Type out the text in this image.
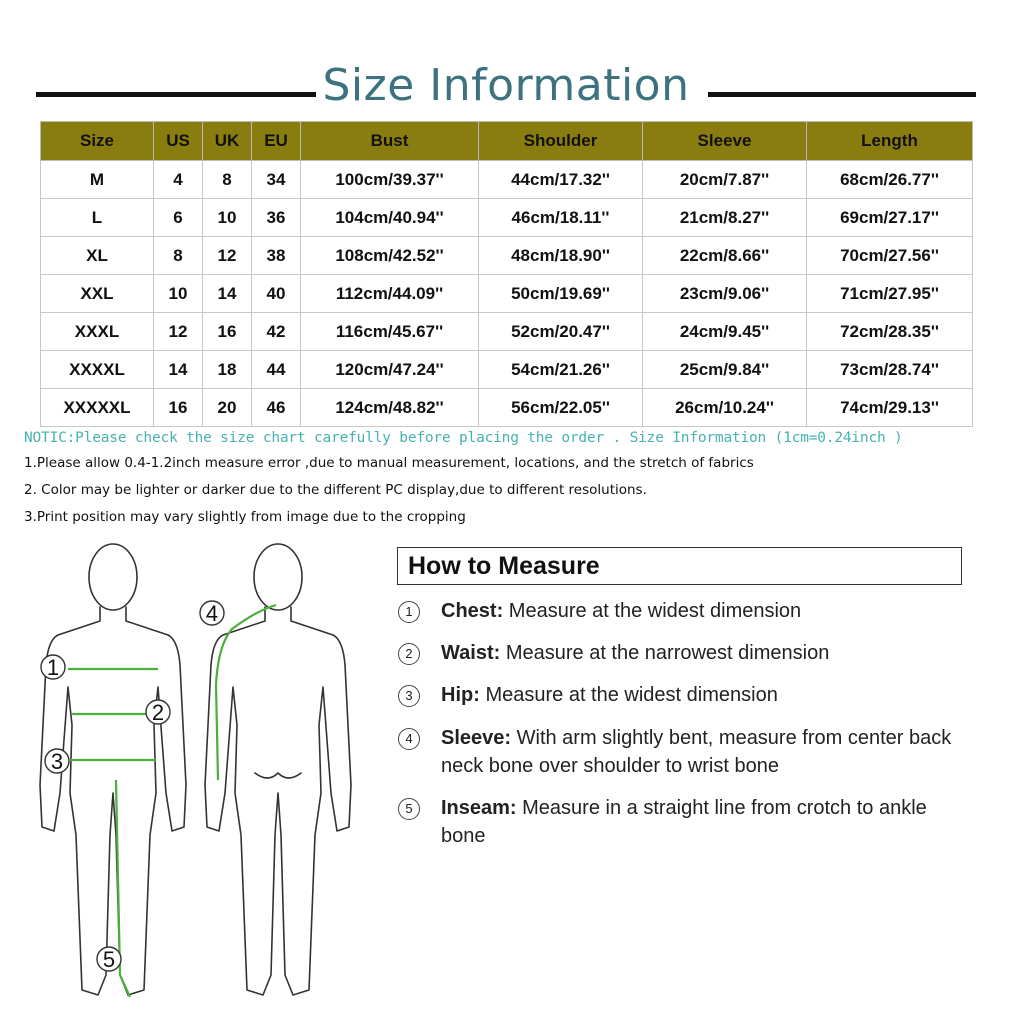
Size Information
Size	US	UK	EU	Bust	Shoulder	Sleeve	Length
M	4	8	34	100cm/39.37''	44cm/17.32''	20cm/7.87''	68cm/26.77''
L	6	10	36	104cm/40.94''	46cm/18.11''	21cm/8.27''	69cm/27.17''
XL	8	12	38	108cm/42.52''	48cm/18.90''	22cm/8.66''	70cm/27.56''
XXL	10	14	40	112cm/44.09''	50cm/19.69''	23cm/9.06''	71cm/27.95''
XXXL	12	16	42	116cm/45.67''	52cm/20.47''	24cm/9.45''	72cm/28.35''
XXXXL	14	18	44	120cm/47.24''	54cm/21.26''	25cm/9.84''	73cm/28.74''
XXXXXL	16	20	46	124cm/48.82''	56cm/22.05''	26cm/10.24''	74cm/29.13''
NOTIC:Please check the size chart carefully before placing the order . Size Information (1cm=0.24inch )
1.Please allow 0.4-1.2inch measure error ,due to manual measurement, locations, and the stretch of fabrics
2. Color may be lighter or darker due to the different PC display,due to different resolutions.
3.Print position may vary slightly from image due to the cropping
1
2
3
4
5
How to Measure
1	Chest: Measure at the widest dimension
2	Waist: Measure at the narrowest dimension
3	Hip: Measure at the widest dimension
4	Sleeve: With arm slightly bent, measure from center back neck bone over shoulder to wrist bone
5	Inseam: Measure in a straight line from crotch to ankle bone
